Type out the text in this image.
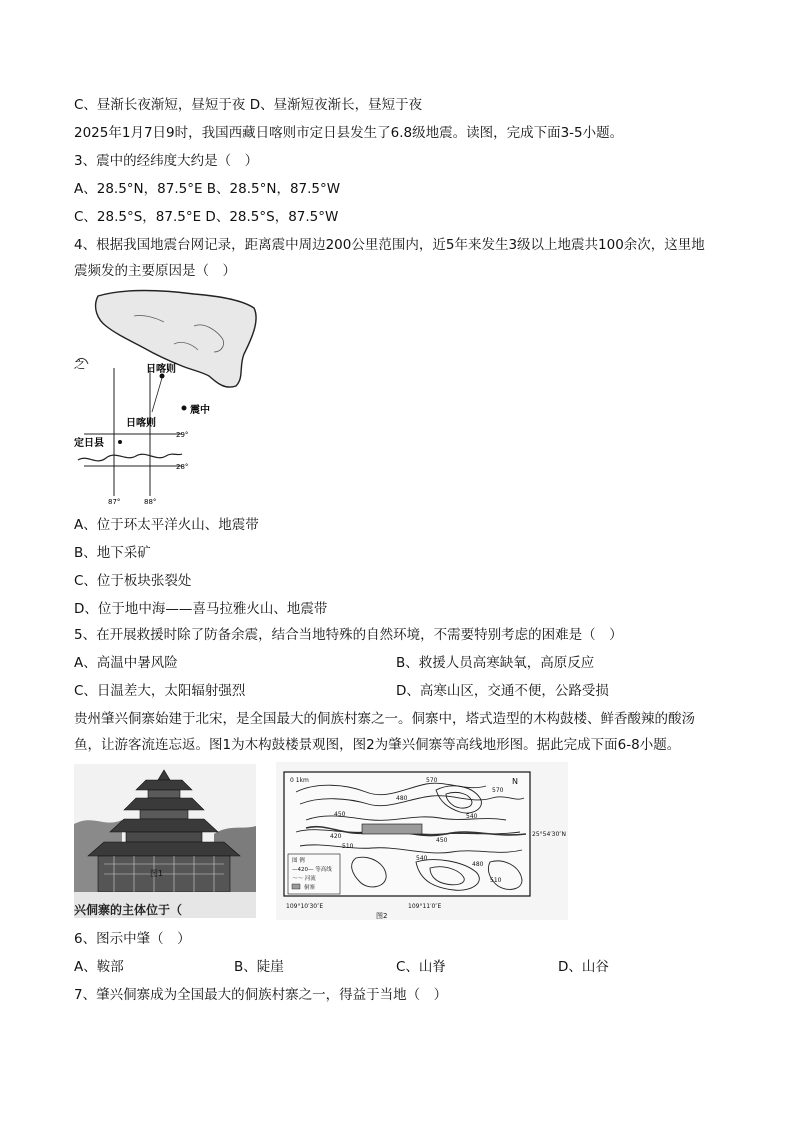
C、昼渐长夜渐短，昼短于夜 D、昼渐短夜渐长，昼短于夜
2025年1月7日9时，我国西藏日喀则市定日县发生了6.8级地震。读图，完成下面3-5小题。
3、震中的经纬度大约是（　）
A、28.5°N，87.5°E B、28.5°N，87.5°W
C、28.5°S，87.5°E D、28.5°S，87.5°W
4、根据我国地震台网记录，距离震中周边200公里范围内，近5年来发生3级以上地震共100余次，这里地
震频发的主要原因是（　）
日喀则
之
震中
日喀则
定日县
29°
28°
87°	88°
A、位于环太平洋火山、地震带
B、地下采矿
C、位于板块张裂处
D、位于地中海——喜马拉雅火山、地震带
5、在开展救援时除了防备余震，结合当地特殊的自然环境，不需要特别考虑的困难是（　）
A、高温中暑风险	B、救援人员高寒缺氧，高原反应
C、日温差大，太阳辐射强烈	D、高寒山区，交通不便，公路受损
贵州肇兴侗寨始建于北宋，是全国最大的侗族村寨之一。侗寨中，塔式造型的木构鼓楼、鲜香酸辣的酸汤
鱼，让游客流连忘返。图1为木构鼓楼景观图，图2为肇兴侗寨等高线地形图。据此完成下面6-8小题。
图1
兴侗寨的主体位于（
0 1km	N
570
480
450
570
540
420
510
450
540
480
510
25°54′30″N
109°10′30″E	109°11′0″E
图2
图 例
—420— 等高线
～～ 河流
侗寨
6、图示中肇（　）
A、鞍部	B、陡崖	C、山脊	D、山谷
7、肇兴侗寨成为全国最大的侗族村寨之一，得益于当地（　）
